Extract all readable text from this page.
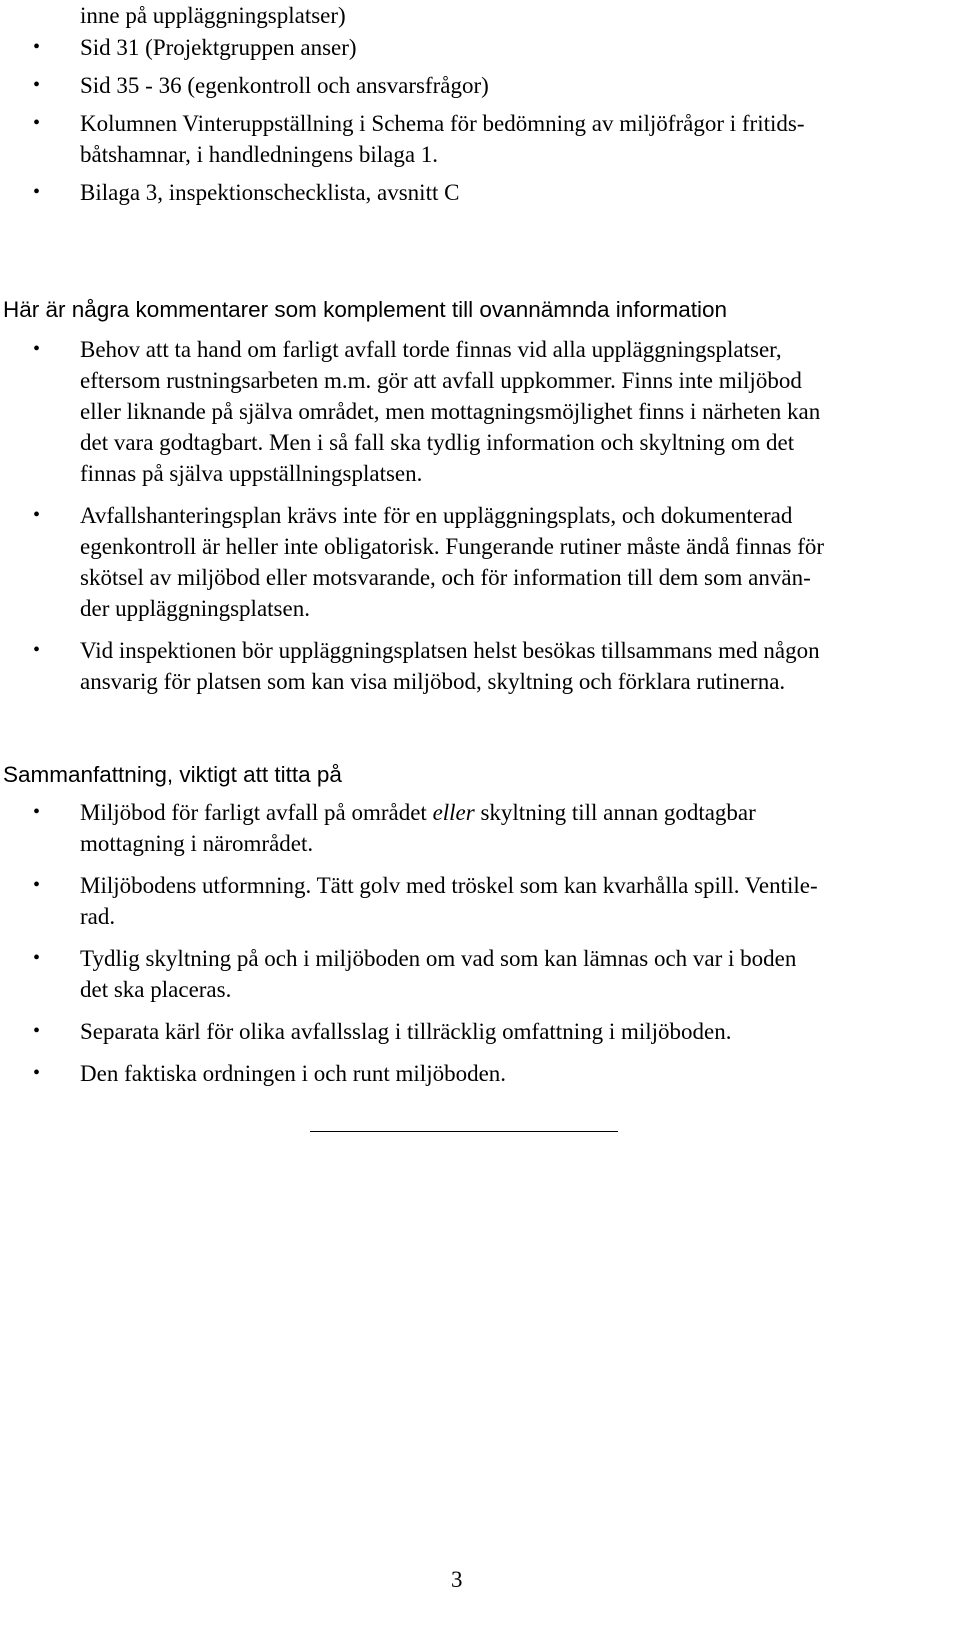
inne på uppläggningsplatser)
• Sid 31 (Projektgruppen anser)
• Sid 35 - 36 (egenkontroll och ansvarsfrågor)
• Kolumnen Vinteruppställning i Schema för bedömning av miljöfrågor i fritids-
båtshamnar, i handledningens bilaga 1.
• Bilaga 3, inspektionschecklista, avsnitt C
Här är några kommentarer som komplement till ovannämnda information
• Behov att ta hand om farligt avfall torde finnas vid alla uppläggningsplatser,
eftersom rustningsarbeten m.m. gör att avfall uppkommer. Finns inte miljöbod
eller liknande på själva området, men mottagningsmöjlighet finns i närheten kan
det vara godtagbart. Men i så fall ska tydlig information och skyltning om det
finnas på själva uppställningsplatsen.
• Avfallshanteringsplan krävs inte för en uppläggningsplats, och dokumenterad
egenkontroll är heller inte obligatorisk. Fungerande rutiner måste ändå finnas för
skötsel av miljöbod eller motsvarande, och för information till dem som använ-
der uppläggningsplatsen.
• Vid inspektionen bör uppläggningsplatsen helst besökas tillsammans med någon
ansvarig för platsen som kan visa miljöbod, skyltning och förklara rutinerna.
Sammanfattning, viktigt att titta på
• Miljöbod för farligt avfall på området eller skyltning till annan godtagbar
mottagning i närområdet.
• Miljöbodens utformning. Tätt golv med tröskel som kan kvarhålla spill. Ventile-
rad.
• Tydlig skyltning på och i miljöboden om vad som kan lämnas och var i boden
det ska placeras.
• Separata kärl för olika avfallsslag i tillräcklig omfattning i miljöboden.
• Den faktiska ordningen i och runt miljöboden.
3
